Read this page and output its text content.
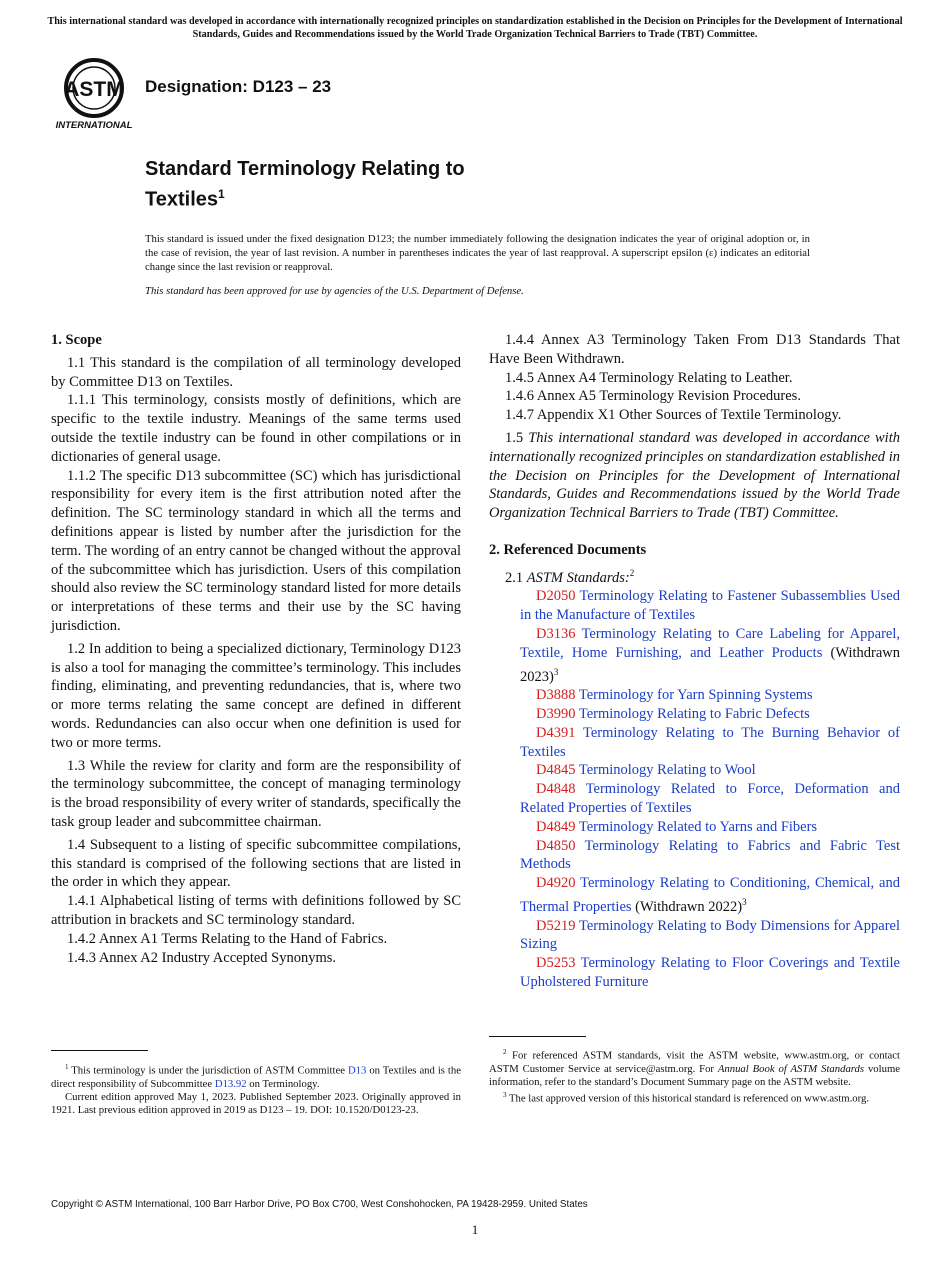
This international standard was developed in accordance with internationally recognized principles on standardization established in the Decision on Principles for the Development of International Standards, Guides and Recommendations issued by the World Trade Organization Technical Barriers to Trade (TBT) Committee.
ASTM
INTERNATIONAL
Designation: D123 – 23
Standard Terminology Relating to
Textiles$^1$
This standard is issued under the fixed designation D123; the number immediately following the designation indicates the year of original adoption or, in the case of revision, the year of last revision. A number in parentheses indicates the year of last reapproval. A superscript epsilon (ε) indicates an editorial change since the last revision or reapproval.
This standard has been approved for use by agencies of the U.S. Department of Defense.
1. Scope

1.1 This standard is the compilation of all terminology developed by Committee D13 on Textiles.

1.1.1 This terminology, consists mostly of definitions, which are specific to the textile industry. Meanings of the same terms used outside the textile industry can be found in other compilations or in dictionaries of general usage.

1.1.2 The specific D13 subcommittee (SC) which has jurisdictional responsibility for every item is the first attribution noted after the definition. The SC terminology standard in which all the terms and definitions appear is listed by number after the jurisdiction for the term. The wording of an entry cannot be changed without the approval of the subcommittee which has jurisdiction. Users of this compilation should also review the SC terminology standard listed for more details or interpretations of these terms and their use by the SC having jurisdiction.

1.2 In addition to being a specialized dictionary, Terminology D123 is also a tool for managing the committee’s terminology. This includes finding, eliminating, and preventing redundancies, that is, where two or more terms relating the same concept are defined in different words. Redundancies can also occur when one definition is used for two or more terms.

1.3 While the review for clarity and form are the responsibility of the terminology subcommittee, the concept of managing terminology is the broad responsibility of every writer of standards, specifically the task group leader and subcommittee chairman.

1.4 Subsequent to a listing of specific subcommittee compilations, this standard is comprised of the following sections that are listed in the order in which they appear.

1.4.1 Alphabetical listing of terms with definitions followed by SC attribution in brackets and SC terminology standard.

1.4.2 Annex A1 Terms Relating to the Hand of Fabrics.

1.4.3 Annex A2 Industry Accepted Synonyms.

1.4.4 Annex A3 Terminology Taken From D13 Standards That Have Been Withdrawn.

1.4.5 Annex A4 Terminology Relating to Leather.

1.4.6 Annex A5 Terminology Revision Procedures.

1.4.7 Appendix X1 Other Sources of Textile Terminology.

1.5 This international standard was developed in accordance with internationally recognized principles on standardization established in the Decision on Principles for the Development of International Standards, Guides and Recommendations issued by the World Trade Organization Technical Barriers to Trade (TBT) Committee.

2. Referenced Documents

2.1 ASTM Standards:$^2$

D2050 Terminology Relating to Fastener Subassemblies Used in the Manufacture of Textiles

D3136 Terminology Relating to Care Labeling for Apparel, Textile, Home Furnishing, and Leather Products (Withdrawn 2023)$^3$

D3888 Terminology for Yarn Spinning Systems

D3990 Terminology Relating to Fabric Defects

D4391 Terminology Relating to The Burning Behavior of Textiles

D4845 Terminology Relating to Wool

D4848 Terminology Related to Force, Deformation and Related Properties of Textiles

D4849 Terminology Related to Yarns and Fibers

D4850 Terminology Relating to Fabrics and Fabric Test Methods

D4920 Terminology Relating to Conditioning, Chemical, and Thermal Properties (Withdrawn 2022)$^3$

D5219 Terminology Relating to Body Dimensions for Apparel Sizing

D5253 Terminology Relating to Floor Coverings and Textile Upholstered Furniture

$^1$ This terminology is under the jurisdiction of ASTM Committee D13 on Textiles and is the direct responsibility of Subcommittee D13.92 on Terminology.

Current edition approved May 1, 2023. Published September 2023. Originally approved in 1921. Last previous edition approved in 2019 as D123 – 19. DOI: 10.1520/D0123-23.

$^2$ For referenced ASTM standards, visit the ASTM website, www.astm.org, or contact ASTM Customer Service at service@astm.org. For Annual Book of ASTM Standards volume information, refer to the standard’s Document Summary page on the ASTM website.

$^3$ The last approved version of this historical standard is referenced on www.astm.org.

Copyright © ASTM International, 100 Barr Harbor Drive, PO Box C700, West Conshohocken, PA 19428-2959. United States
1
